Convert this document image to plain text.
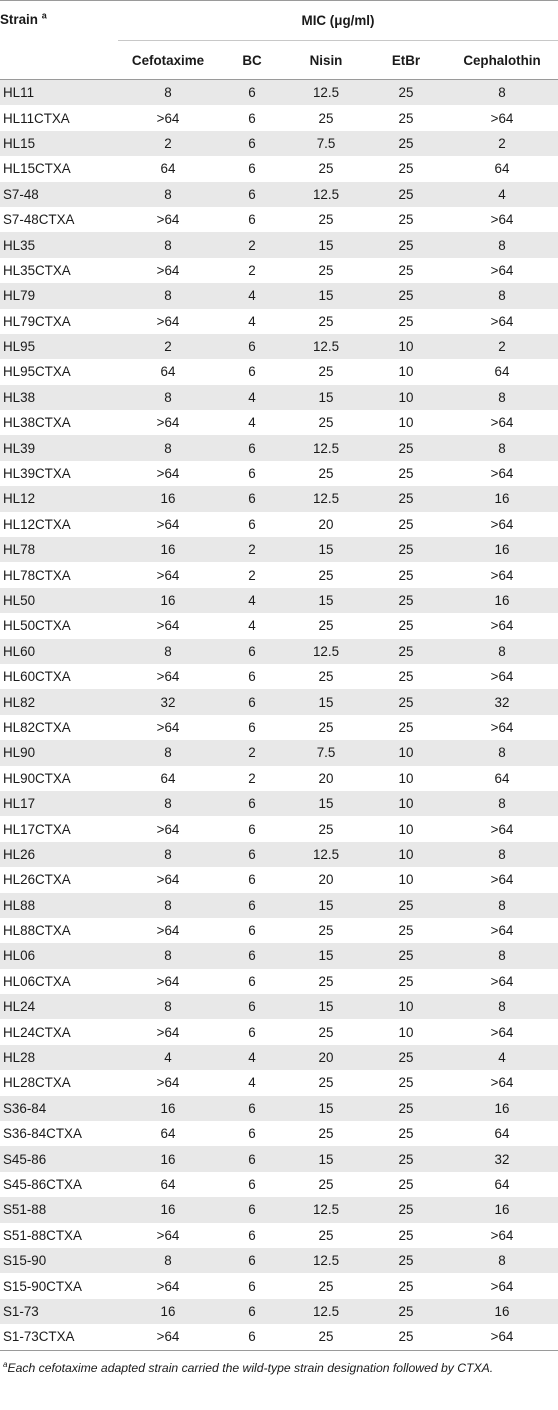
Strain $^a$	MIC (μg/ml)				
	Cefotaxime	BC	Nisin	EtBr	Cephalothin
HL11	8	6	12.5	25	8
HL11CTXA	>64	6	25	25	>64
HL15	2	6	7.5	25	2
HL15CTXA	64	6	25	25	64
S7-48	8	6	12.5	25	4
S7-48CTXA	>64	6	25	25	>64
HL35	8	2	15	25	8
HL35CTXA	>64	2	25	25	>64
HL79	8	4	15	25	8
HL79CTXA	>64	4	25	25	>64
HL95	2	6	12.5	10	2
HL95CTXA	64	6	25	10	64
HL38	8	4	15	10	8
HL38CTXA	>64	4	25	10	>64
HL39	8	6	12.5	25	8
HL39CTXA	>64	6	25	25	>64
HL12	16	6	12.5	25	16
HL12CTXA	>64	6	20	25	>64
HL78	16	2	15	25	16
HL78CTXA	>64	2	25	25	>64
HL50	16	4	15	25	16
HL50CTXA	>64	4	25	25	>64
HL60	8	6	12.5	25	8
HL60CTXA	>64	6	25	25	>64
HL82	32	6	15	25	32
HL82CTXA	>64	6	25	25	>64
HL90	8	2	7.5	10	8
HL90CTXA	64	2	20	10	64
HL17	8	6	15	10	8
HL17CTXA	>64	6	25	10	>64
HL26	8	6	12.5	10	8
HL26CTXA	>64	6	20	10	>64
HL88	8	6	15	25	8
HL88CTXA	>64	6	25	25	>64
HL06	8	6	15	25	8
HL06CTXA	>64	6	25	25	>64
HL24	8	6	15	10	8
HL24CTXA	>64	6	25	10	>64
HL28	4	4	20	25	4
HL28CTXA	>64	4	25	25	>64
S36-84	16	6	15	25	16
S36-84CTXA	64	6	25	25	64
S45-86	16	6	15	25	32
S45-86CTXA	64	6	25	25	64
S51-88	16	6	12.5	25	16
S51-88CTXA	>64	6	25	25	>64
S15-90	8	6	12.5	25	8
S15-90CTXA	>64	6	25	25	>64
S1-73	16	6	12.5	25	16
S1-73CTXA	>64	6	25	25	>64
$^a$Each cefotaxime adapted strain carried the wild-type strain designation followed by CTXA.
